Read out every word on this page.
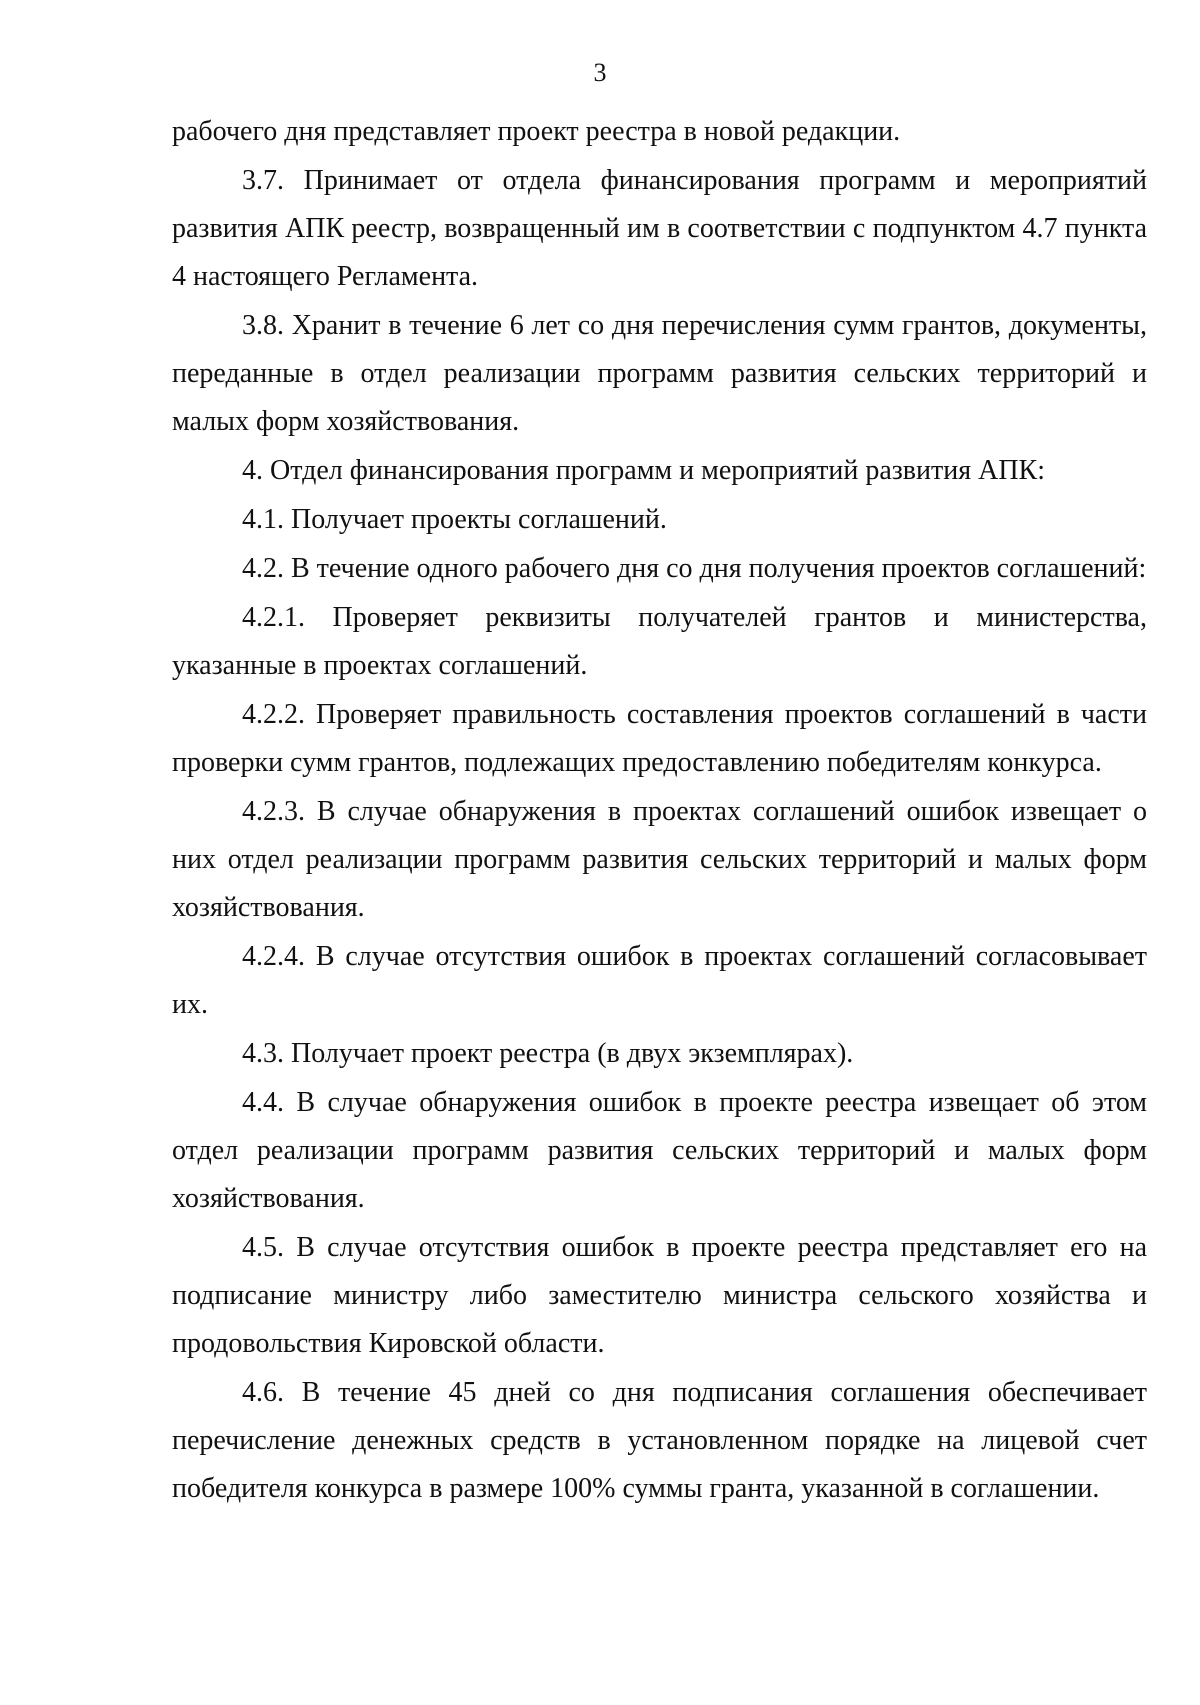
3

рабочего дня представляет проект реестра в новой редакции.

3.7. Принимает от отдела финансирования программ и мероприятий развития АПК реестр, возвращенный им в соответствии с подпунктом 4.7 пункта 4 настоящего Регламента.

3.8. Хранит в течение 6 лет со дня перечисления сумм грантов, документы, переданные в отдел реализации программ развития сельских территорий и малых форм хозяйствования.

4. Отдел финансирования программ и мероприятий развития АПК:

4.1. Получает проекты соглашений.

4.2. В течение одного рабочего дня со дня получения проектов соглашений:

4.2.1. Проверяет реквизиты получателей грантов и министерства, указанные в проектах соглашений.

4.2.2. Проверяет правильность составления проектов соглашений в части проверки сумм грантов, подлежащих предоставлению победителям конкурса.

4.2.3. В случае обнаружения в проектах соглашений ошибок извещает о них отдел реализации программ развития сельских территорий и малых форм хозяйствования.

4.2.4. В случае отсутствия ошибок в проектах соглашений согласовывает их.

4.3. Получает проект реестра (в двух экземплярах).

4.4. В случае обнаружения ошибок в проекте реестра извещает об этом отдел реализации программ развития сельских территорий и малых форм хозяйствования.

4.5. В случае отсутствия ошибок в проекте реестра представляет его на подписание министру либо заместителю министра сельского хозяйства и продовольствия Кировской области.

4.6. В течение 45 дней со дня подписания соглашения обеспечивает перечисление денежных средств в установленном порядке на лицевой счет победителя конкурса в размере 100% суммы гранта, указанной в соглашении.
